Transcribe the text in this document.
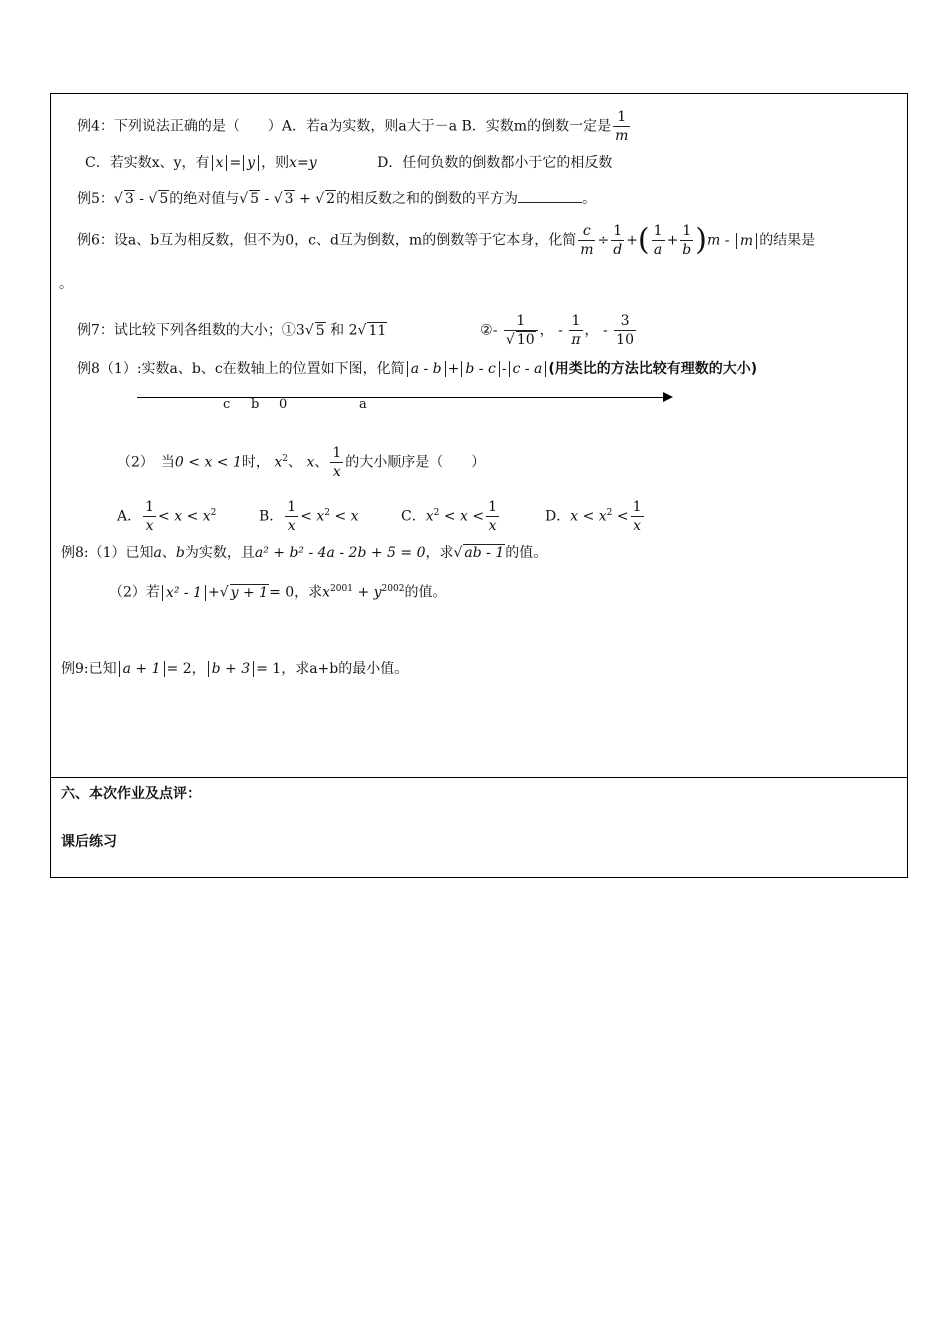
例4：下列说法正确的是（　　）A．若a为实数，则a大于－a B．实数m的倒数一定是 $\frac{1}{m}$
C．若实数x、y，有 x = y ，则x=y	D．任何负数的倒数都小于它的相反数
例5：√ 3 - √ 5的绝对值与√ 5 - √ 3 + √ 2的相反数之和的倒数的平方为	。
例6：设a、b互为相反数，但不为0，c、d互为倒数，m的倒数等于它本身，化简 $\frac{c}{m} \div \frac{1}{d}$ +( $\frac{1}{a} + \frac{1}{b} )m - m$ 的结果是
。
例7：试比较下列各组数的大小；①3√ 5 和 2√ 11	②- $\frac{1}{√ 10}$ ， - $\frac{1}{\pi}$ ， - $\frac{3}{10}$
例8（1）:实数a、b、c在数轴上的位置如下图，化简 a - b + b - c - c - a (用类比的方法比较有理数的大小)
c b 0	a
（2）　当0 < x < 1时， $x^2$、 x、 $\frac{1}{x}$ 的大小顺序是（　　）
A． $\frac{1}{x} < x < x^2$	B． $\frac{1}{x} < x^2 < x$	C．$x^2 < x < \frac{1}{x}$	D．$x < x^2 < \frac{1}{x}$
例8:（1）已知a、b为实数，且a² + b² - 4a - 2b + 5 = 0，求√ ab - 1的值。
（2）若 x² - 1 +√ y + 1= 0，求$x^{2001} + y^{2002}$的值。
例9:已知 a + 1 = 2， b + 3 = 1，求a+b的最小值。
六、本次作业及点评：
课后练习
